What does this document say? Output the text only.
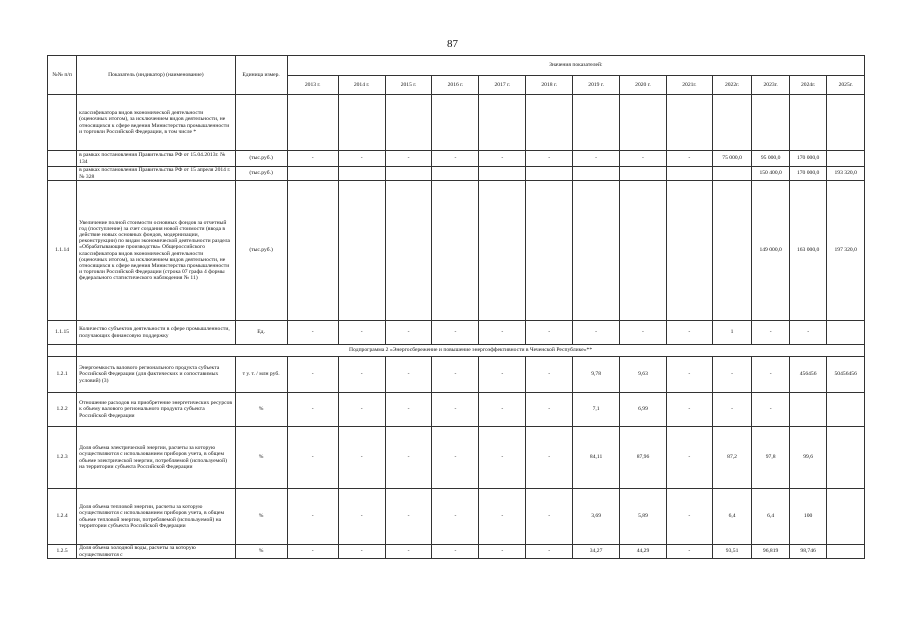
87
№№ п/п	Показатель (индикатор) (наименование)	Единица измер.	Значения показателей:												
			2013 г.	2014 г.	2015 г.	2016 г.	2017 г.	2018 г.	2019 г.	2020 г.	2021г.	2022г.	2023г.	2024г.	2025г.
	классификатора видов экономической деятельности (оценочных итогом), за исключением видов деятельности, не относящихся к сфере ведения Министерства промышленности и торговли Российской Федерации, в том числе *														
	в рамках постановления Правительства РФ от 15.04.2013г. № 134	(тыс.руб.)	-	-	-	-	-	-	-	-	-	75 000,0	95 000,0	170 000,0	
	в рамках постановления Правительства РФ от 15 апреля 2014 г. № 328	(тыс.руб.)											150 400,0	170 000,0	193 320,0
1.1.14	Увеличение полной стоимости основных фондов за отчетный год (поступление) за счет создания новой стоимости (ввода в действие новых основных фондов, модернизации, реконструкции) по видам экономической деятельности раздела «Обрабатывающие производства» Общероссийского классификатора видов экономической деятельности (оценочных итогом), за исключением видов деятельности, не относящихся к сфере ведения Министерства промышленности и торговли Российской Федерации (строка 07 графа 4 формы федерального статистического наблюдения № 11)	(тыс.руб.)											149 000,0	163 000,0	197 320,0
1.1.15	Количество субъектов деятельности в сфере промышленности, получающих финансовую поддержку	Ед.	-	-	-	-	-	-	-	-	-	1	-	-	
	Подпрограмма 2 «Энергосбережение и повышение энергоэффективности в Чеченской Республике»**														
1.2.1	Энергоемкость валового регионального продукта субъекта Российской Федерации (для фактических и сопоставимых условий) (3)	т у. т. / млн руб.	-	-	-	-	-	-	9,78	9,63	-	-	-	456456	50456456
1.2.2	Отношение расходов на приобретение энергетических ресурсов к объему валового регионального продукта субъекта Российской Федерации	%	-	-	-	-	-	-	7,1	6,99	-	-	-		
1.2.3	Доля объема электрической энергии, расчеты за которую осуществляются с использованием приборов учета, в общем объеме электрической энергии, потребляемой (используемой) на территории субъекта Российской Федерации	%	-	-	-	-	-	-	84,11	87,96	-	87,2	97,8	99,6	
1.2.4	Доля объема тепловой энергии, расчеты за которую осуществляются с использованием приборов учета, в общем объеме тепловой энергии, потребляемой (используемой) на территории субъекта Российской Федерации	%	-	-	-	-	-	-	3,69	5,89	-	6,4	6,4	100	
1.2.5	Доля объема холодной воды, расчеты за которую осуществляются с	%	-	-	-	-	-	-	34,27	44,29	-	93,51	96,819	98,746	
